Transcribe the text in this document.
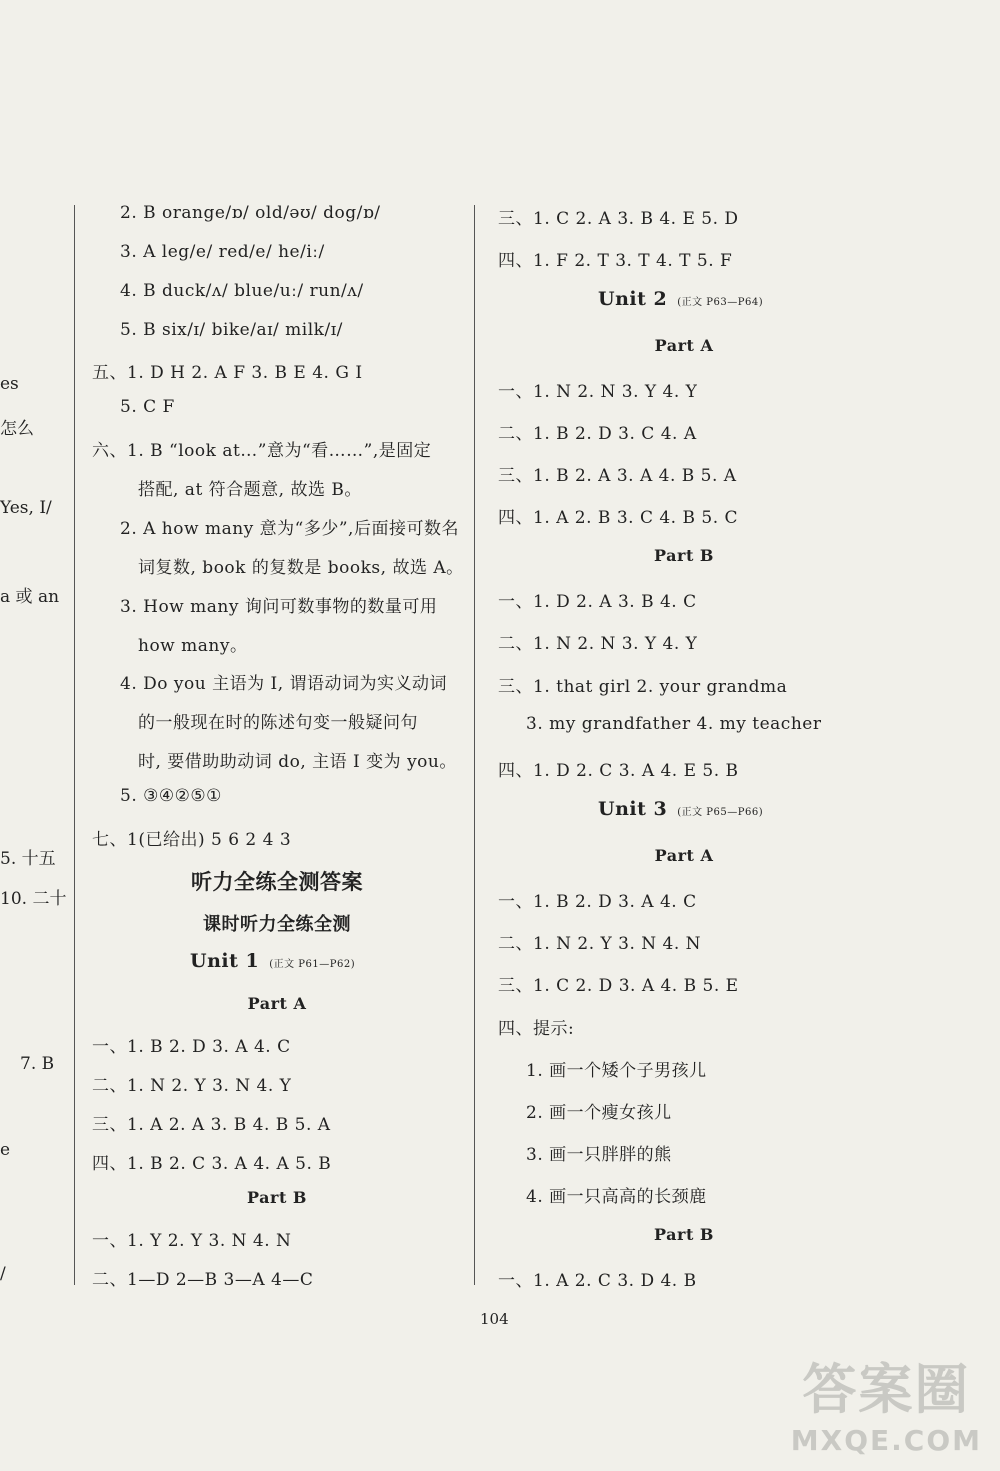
es
怎么
Yes, I/
a 或 an
5. 十五
10. 二十
7. B
e
/
2. B orange/ɒ/ old/əʊ/ dog/ɒ/
3. A leg/e/ red/e/ he/iː/
4. B duck/ʌ/ blue/uː/ run/ʌ/
5. B six/ɪ/ bike/aɪ/ milk/ɪ/
五、1. D H 2. A F 3. B E 4. G I
5. C F
六、1. B “look at…”意为“看……”,是固定
搭配, at 符合题意, 故选 B。
2. A how many 意为“多少”,后面接可数名
词复数, book 的复数是 books, 故选 A。
3. How many 询问可数事物的数量可用
how many。
4. Do you 主语为 I, 谓语动词为实义动词
的一般现在时的陈述句变一般疑问句
时, 要借助助动词 do, 主语 I 变为 you。
5. ③④②⑤①
七、1(已给出) 5 6 2 4 3
听力全练全测答案
课时听力全练全测
Unit 1 (正文 P61—P62)
Part A
一、1. B 2. D 3. A 4. C
二、1. N 2. Y 3. N 4. Y
三、1. A 2. A 3. B 4. B 5. A
四、1. B 2. C 3. A 4. A 5. B
Part B
一、1. Y 2. Y 3. N 4. N
二、1—D 2—B 3—A 4—C
三、1. C 2. A 3. B 4. E 5. D
四、1. F 2. T 3. T 4. T 5. F
Unit 2 (正文 P63—P64)
Part A
一、1. N 2. N 3. Y 4. Y
二、1. B 2. D 3. C 4. A
三、1. B 2. A 3. A 4. B 5. A
四、1. A 2. B 3. C 4. B 5. C
Part B
一、1. D 2. A 3. B 4. C
二、1. N 2. N 3. Y 4. Y
三、1. that girl 2. your grandma
3. my grandfather 4. my teacher
四、1. D 2. C 3. A 4. E 5. B
Unit 3 (正文 P65—P66)
Part A
一、1. B 2. D 3. A 4. C
二、1. N 2. Y 3. N 4. N
三、1. C 2. D 3. A 4. B 5. E
四、提示:
1. 画一个矮个子男孩儿
2. 画一个瘦女孩儿
3. 画一只胖胖的熊
4. 画一只高高的长颈鹿
Part B
一、1. A 2. C 3. D 4. B
104
答案圈
MXQE.COM
